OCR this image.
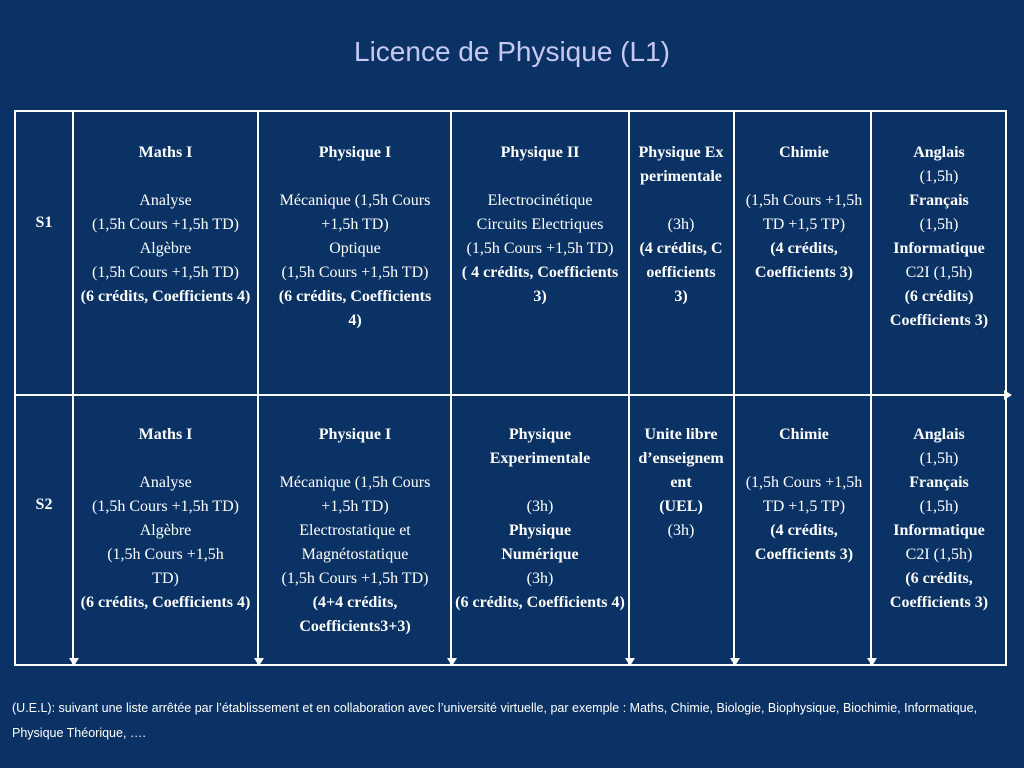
Licence de Physique (L1)
S1
Maths I
Analyse
(1,5h Cours +1,5h TD)
Algèbre
(1,5h Cours +1,5h TD)
(6 crédits, Coefficients 4)
Physique I
Mécanique (1,5h Cours +1,5h TD)
Optique
(1,5h Cours +1,5h TD)
(6 crédits, Coefficients 4)
Physique II
Electrocinétique
Circuits Electriques
(1,5h Cours +1,5h TD)
( 4 crédits, Coefficients 3)
Physique Experimentale
(3h)
(4 crédits, Coefficients 3)
Chimie
(1,5h Cours +1,5h TD +1,5 TP)
(4 crédits, Coefficients 3)
Anglais
(1,5h)
Français
(1,5h)
Informatique
C2I (1,5h)
(6 crédits)
Coefficients 3)
S2
Maths I
Analyse
(1,5h Cours +1,5h TD)
Algèbre
(1,5h Cours +1,5h TD)
(6 crédits, Coefficients 4)
Physique I
Mécanique (1,5h Cours +1,5h TD)
Electrostatique et Magnétostatique
(1,5h Cours +1,5h TD)
(4+4 crédits, Coefficients3+3)
Physique Experimentale
(3h)
Physique Numérique
(3h)
(6 crédits, Coefficients 4)
Unite libre d’enseignement
(UEL)
(3h)
Chimie
(1,5h Cours +1,5h TD +1,5 TP)
(4 crédits, Coefficients 3)
Anglais
(1,5h)
Français
(1,5h)
Informatique
C2I (1,5h)
(6 crédits, Coefficients 3)
(U.E.L): suivant une liste arrêtée par l’établissement et en collaboration avec l’université virtuelle, par exemple : Maths, Chimie, Biologie, Biophysique, Biochimie, Informatique, Physique Théorique, ….
